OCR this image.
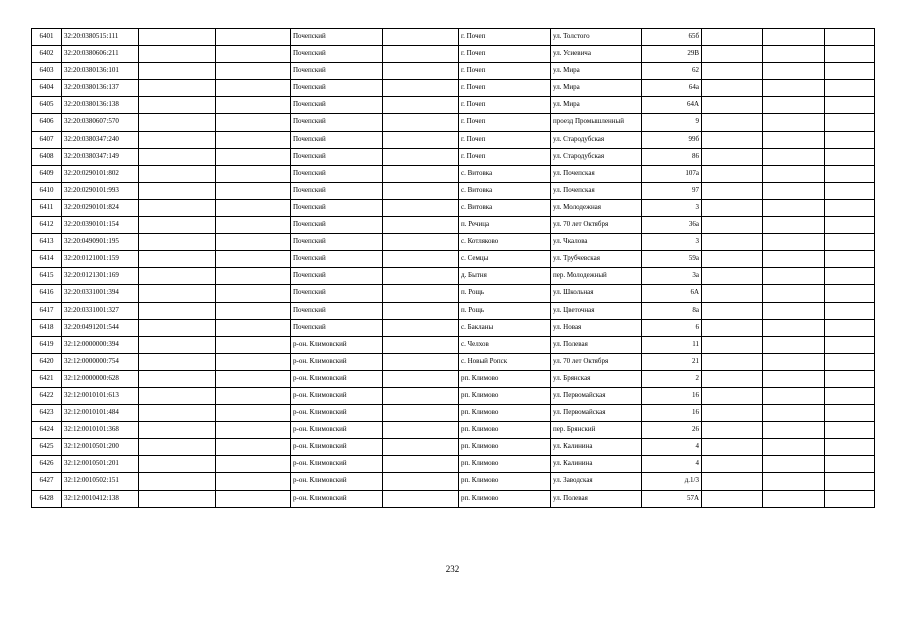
6401	32:20:0380515:111			Почепский		г. Почеп	ул. Толстого	65б			
6402	32:20:0380606:211			Почепский		г. Почеп	ул. Усиевича	29В			
6403	32:20:0380136:101			Почепский		г. Почеп	ул. Мира	62			
6404	32:20:0380136:137			Почепский		г. Почеп	ул. Мира	64а			
6405	32:20:0380136:138			Почепский		г. Почеп	ул. Мира	64А			
6406	32:20:0380607:570			Почепский		г. Почеп	проезд Промышленный	9			
6407	32:20:0380347:240			Почепский		г. Почеп	ул. Стародубская	99б			
6408	32:20:0380347:149			Почепский		г. Почеп	ул. Стародубская	86			
6409	32:20:0290101:802			Почепский		с. Витовка	ул. Почепская	107а			
6410	32:20:0290101:993			Почепский		с. Витовка	ул. Почепская	97			
6411	32:20:0290101:824			Почепский		с. Витовка	ул. Молодежная	3			
6412	32:20:0390101:154			Почепский		п. Речица	ул. 70 лет Октября	36а			
6413	32:20:0490901:195			Почепский		с. Котляково	ул. Чкалова	3			
6414	32:20:0121001:159			Почепский		с. Семцы	ул. Трубчевская	59а			
6415	32:20:0121301:169			Почепский		д. Бытня	пер. Молодежный	3а			
6416	32:20:0331001:394			Почепский		п. Рощь	ул. Школьная	6А			
6417	32:20:0331001:327			Почепский		п. Рощь	ул. Цветочная	8а			
6418	32:20:0491201:544			Почепский		с. Бакланы	ул. Новая	6			
6419	32:12:0000000:394			р-он. Климовский		с. Челхов	ул. Полевая	11			
6420	32:12:0000000:754			р-он. Климовский		с. Новый Ропск	ул. 70 лет Октября	21			
6421	32:12:0000000:628			р-он. Климовский		рп. Климово	ул. Брянская	2			
6422	32:12:0010101:613			р-он. Климовский		рп. Климово	ул. Первомайская	16			
6423	32:12:0010101:484			р-он. Климовский		рп. Климово	ул. Первомайская	16			
6424	32:12:0010101:368			р-он. Климовский		рп. Климово	пер. Брянский	26			
6425	32:12:0010501:200			р-он. Климовский		рп. Климово	ул. Калинина	4			
6426	32:12:0010501:201			р-он. Климовский		рп. Климово	ул. Калинина	4			
6427	32:12:0010502:151			р-он. Климовский		рп. Климово	ул. Заводская	д.1/3			
6428	32:12:0010412:138			р-он. Климовский		рп. Климово	ул. Полевая	57А			
232
